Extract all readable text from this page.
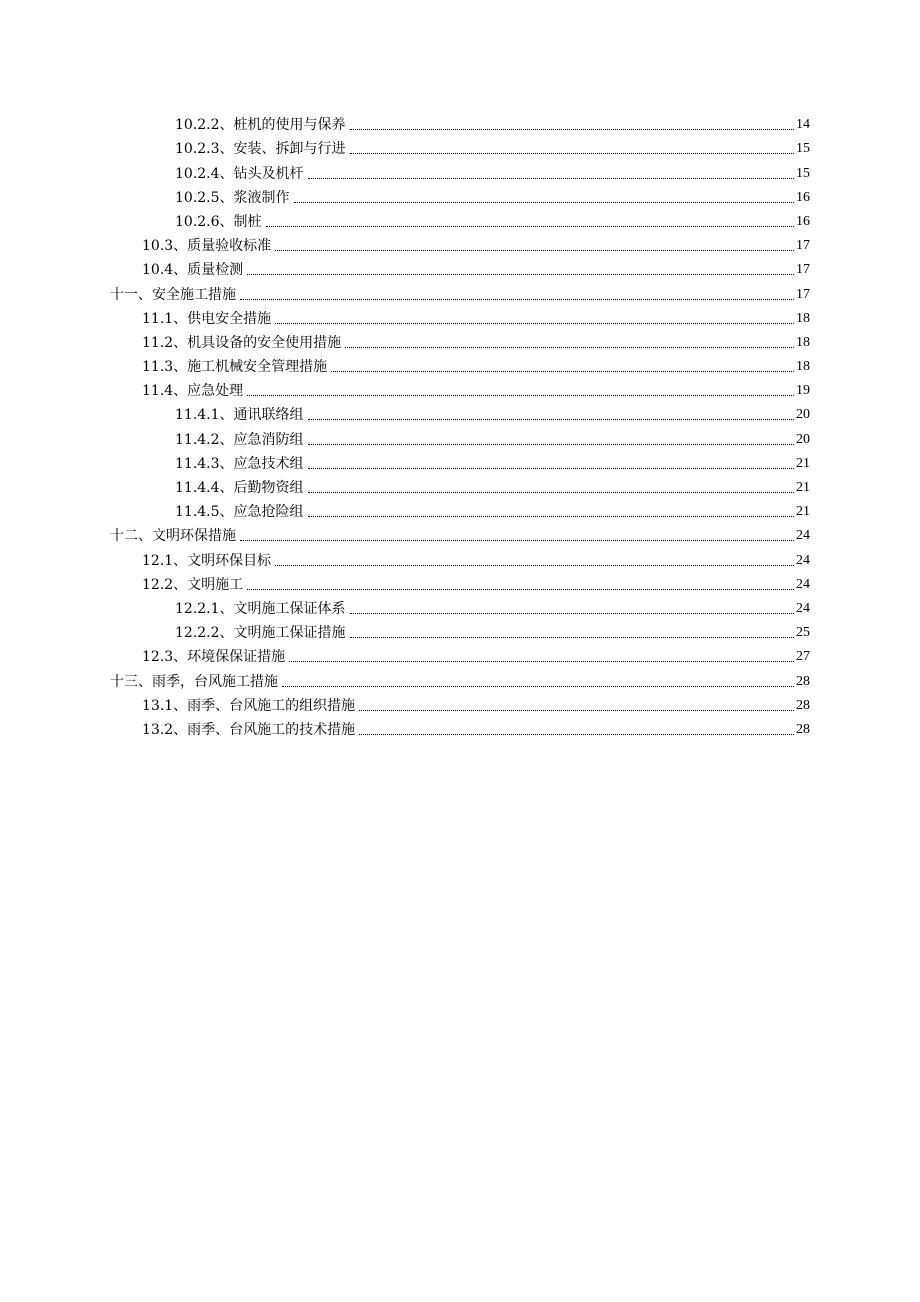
10.2.2、桩机的使用与保养	14
10.2.3、安装、拆卸与行进	15
10.2.4、钻头及机杆	15
10.2.5、浆液制作	16
10.2.6、制桩	16
10.3、质量验收标准	17
10.4、质量检测	17
十一、安全施工措施	17
11.1、供电安全措施	18
11.2、机具设备的安全使用措施	18
11.3、施工机械安全管理措施	18
11.4、应急处理	19
11.4.1、通讯联络组	20
11.4.2、应急消防组	20
11.4.3、应急技术组	21
11.4.4、后勤物资组	21
11.4.5、应急抢险组	21
十二、文明环保措施	24
12.1、文明环保目标	24
12.2、文明施工	24
12.2.1、文明施工保证体系	24
12.2.2、文明施工保证措施	25
12.3、环境保保证措施	27
十三、雨季，台风施工措施	28
13.1、雨季、台风施工的组织措施	28
13.2、雨季、台风施工的技术措施	28
